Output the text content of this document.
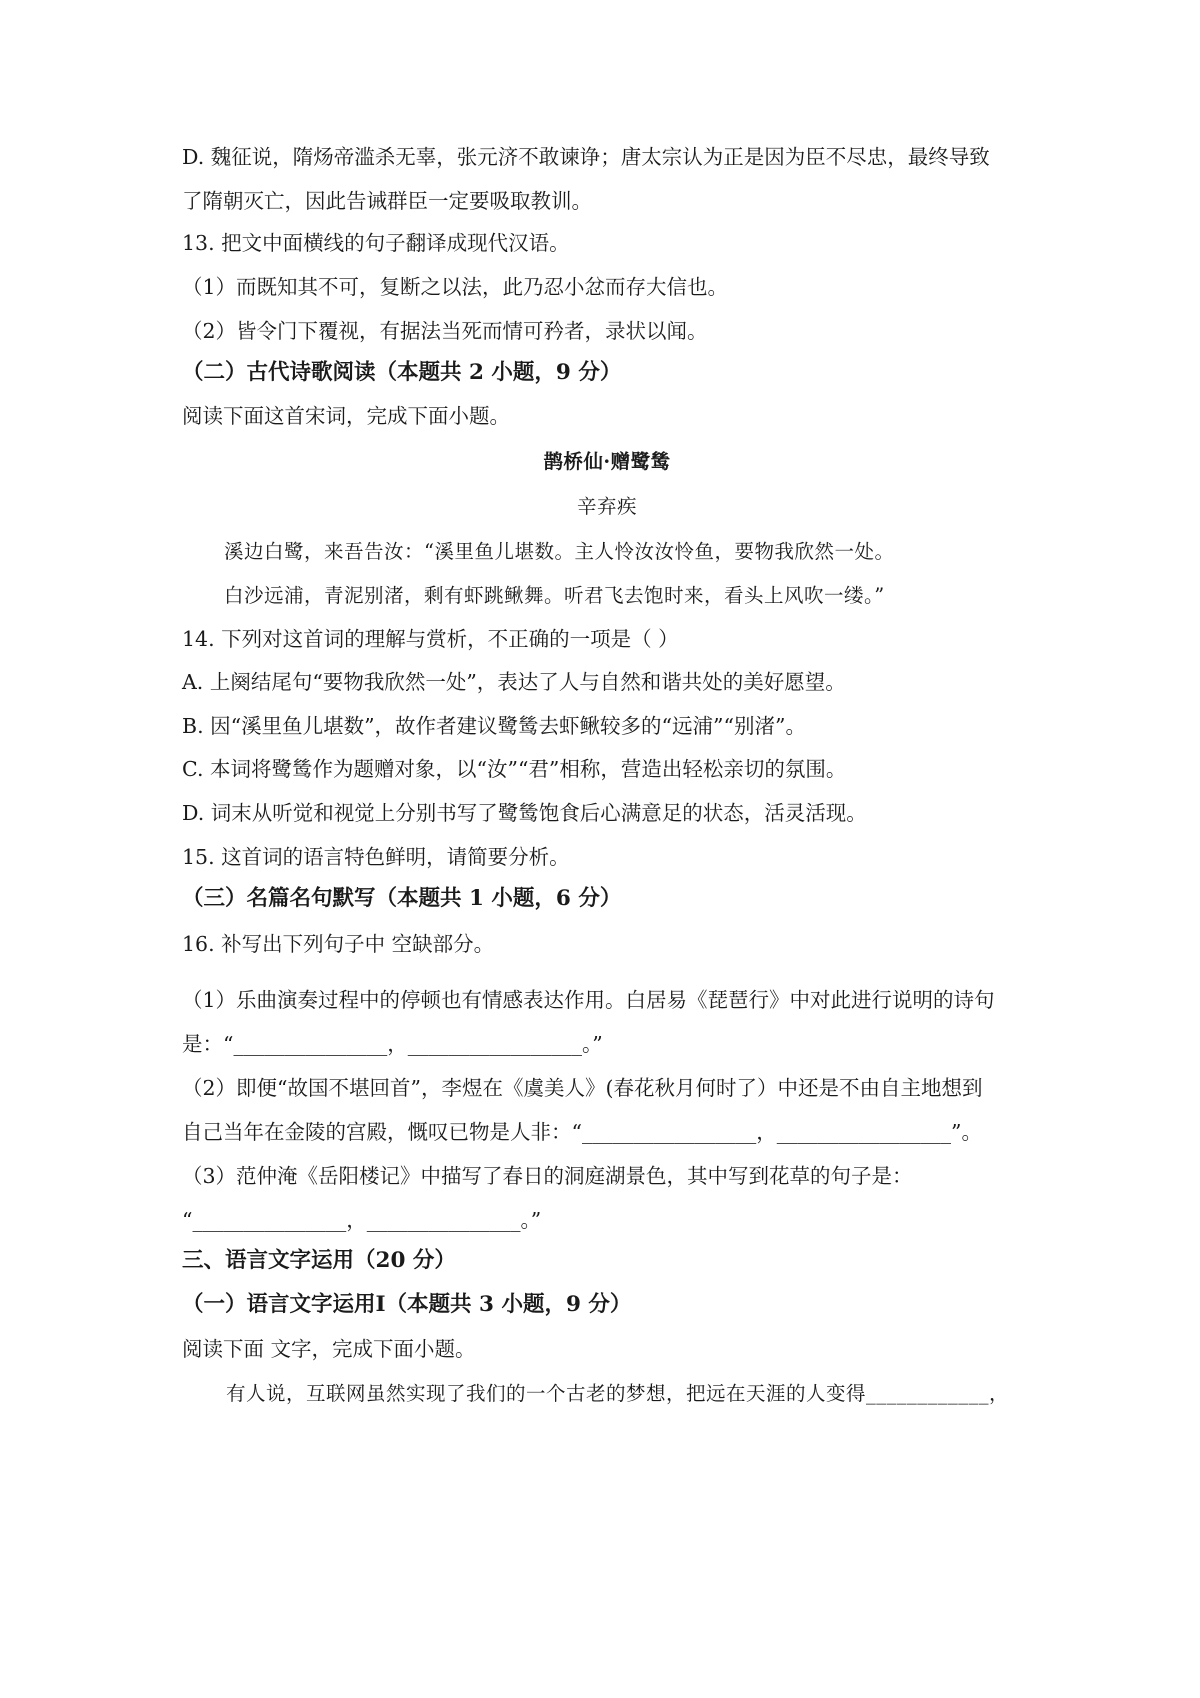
D. 魏征说，隋炀帝滥杀无辜，张元济不敢谏诤；唐太宗认为正是因为臣不尽忠，最终导致
了隋朝灭亡，因此告诫群臣一定要吸取教训。
13. 把文中面横线的句子翻译成现代汉语。
（1）而既知其不可，复断之以法，此乃忍小忿而存大信也。
（2）皆令门下覆视，有据法当死而情可矜者，录状以闻。
（二）古代诗歌阅读（本题共 2 小题，9 分）
阅读下面这首宋词，完成下面小题。
鹊桥仙·赠鹭鸶
辛弃疾
溪边白鹭，来吾告汝：“溪里鱼儿堪数。主人怜汝汝怜鱼，要物我欣然一处。
白沙远浦，青泥别渚，剩有虾跳鳅舞。听君飞去饱时来，看头上风吹一缕。”
14. 下列对这首词的理解与赏析，不正确的一项是（ ）
A. 上阕结尾句“要物我欣然一处”，表达了人与自然和谐共处的美好愿望。
B. 因“溪里鱼儿堪数”，故作者建议鹭鸶去虾鳅较多的“远浦”“别渚”。
C. 本词将鹭鸶作为题赠对象，以“汝”“君”相称，营造出轻松亲切的氛围。
D. 词末从听觉和视觉上分别书写了鹭鸶饱食后心满意足的状态，活灵活现。
15. 这首词的语言特色鲜明，请简要分析。
（三）名篇名句默写（本题共 1 小题，6 分）
16. 补写出下列句子中 空缺部分。
（1）乐曲演奏过程中的停顿也有情感表达作用。白居易《琵琶行》中对此进行说明的诗句
是：“_______________，_________________。”
（2）即便“故国不堪回首”，李煜在《虞美人》(春花秋月何时了）中还是不由自主地想到
自己当年在金陵的宫殿，慨叹已物是人非：“_________________，_________________”。
（3）范仲淹《岳阳楼记》中描写了春日的洞庭湖景色，其中写到花草的句子是：
“_______________，_______________。”
三、语言文字运用（20 分）
（一）语言文字运用Ⅰ（本题共 3 小题，9 分）
阅读下面 文字，完成下面小题。
有人说，互联网虽然实现了我们的一个古老的梦想，把远在天涯的人变得____________，
